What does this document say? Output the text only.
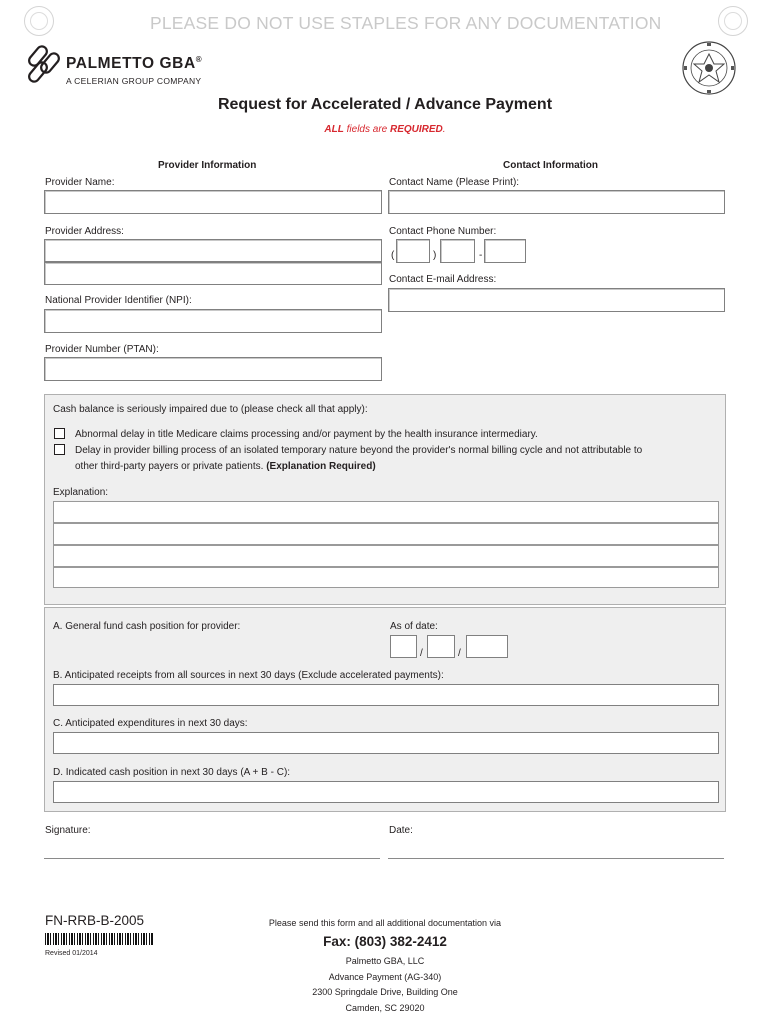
PLEASE DO NOT USE STAPLES FOR ANY DOCUMENTATION
PALMETTO GBA®
A CELERIAN GROUP COMPANY
Request for Accelerated / Advance Payment
ALL fields are REQUIRED.
Provider Information	Contact Information
Provider Name:
Provider Address:
National Provider Identifier (NPI):
Provider Number (PTAN):
Contact Name (Please Print):
Contact Phone Number:
(	)	-
Contact E-mail Address:
Cash balance is seriously impaired due to (please check all that apply):
Abnormal delay in title Medicare claims processing and/or payment by the health insurance intermediary.
Delay in provider billing process of an isolated temporary nature beyond the provider's normal billing cycle and not attributable to
other third-party payers or private patients. (Explanation Required)
Explanation:
A. General fund cash position for provider:	As of date:
/	/
B. Anticipated receipts from all sources in next 30 days (Exclude accelerated payments):
C. Anticipated expenditures in next 30 days:
D. Indicated cash position in next 30 days (A + B - C):
Signature:	Date:
FN-RRB-B-2005
Revised 01/2014
Please send this form and all additional documentation via
Fax: (803) 382-2412
Palmetto GBA, LLC
Advance Payment (AG-340)
2300 Springdale Drive, Building One
Camden, SC 29020
